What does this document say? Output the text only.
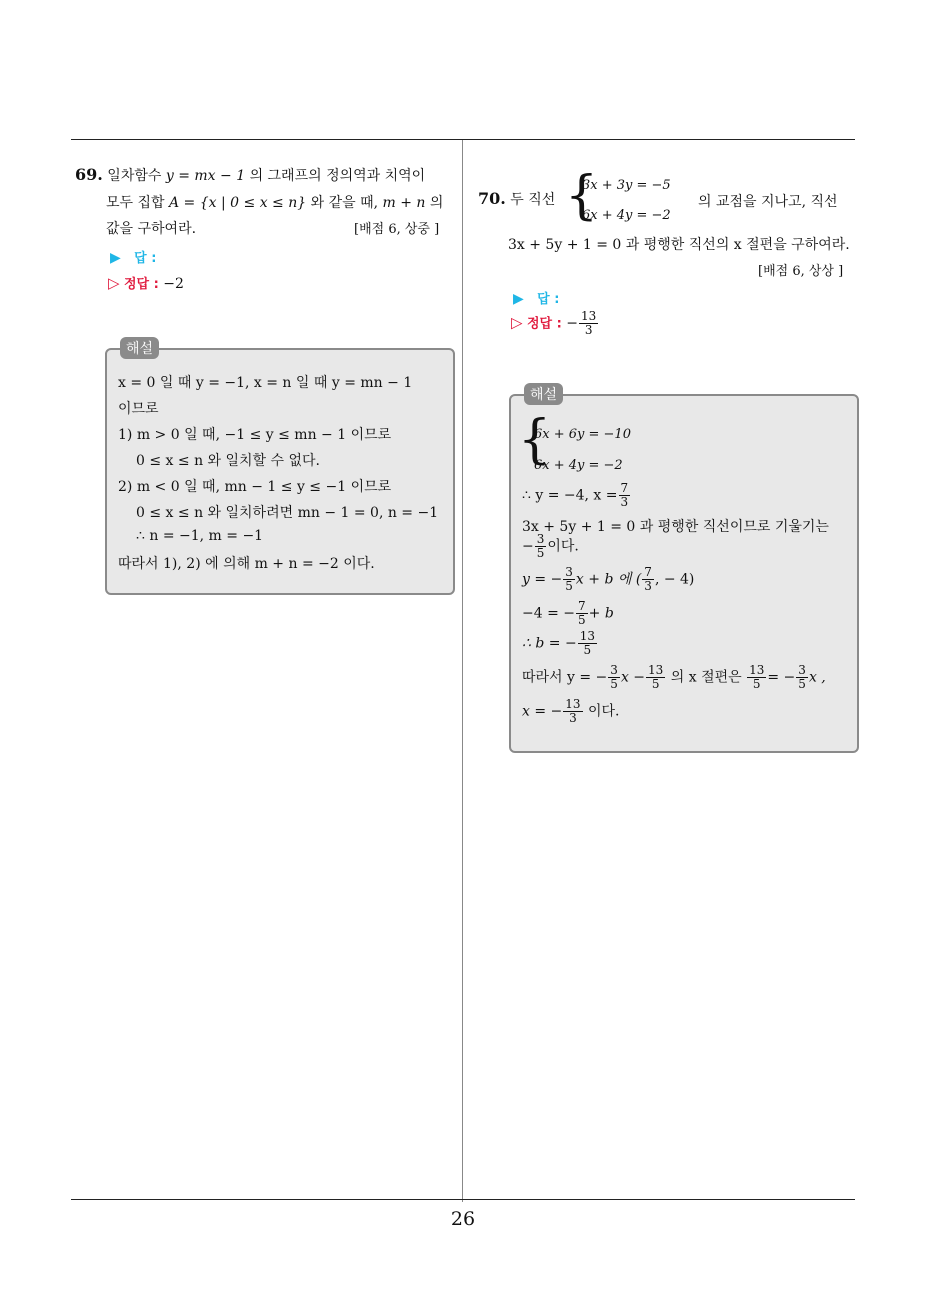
69. 일차함수 y = mx − 1 의 그래프의 정의역과 치역이
모두 집합 A = {x | 0 ≤ x ≤ n} 와 같을 때, m + n 의
값을 구하여라.	[배점 6, 상중 ]
▶ 답 :
▷ 정답 : −2
해설
x = 0 일 때 y = −1, x = n 일 때 y = mn − 1
이므로
1) m > 0 일 때, −1 ≤ y ≤ mn − 1 이므로
0 ≤ x ≤ n 와 일치할 수 없다.
2) m < 0 일 때, mn − 1 ≤ y ≤ −1 이므로
0 ≤ x ≤ n 와 일치하려면 mn − 1 = 0, n = −1
∴ n = −1, m = −1
따라서 1), 2) 에 의해 m + n = −2 이다.
70. 두 직선 {
3x + 3y = −5
6x + 4y = −2
의 교점을 지나고, 직선
3x + 5y + 1 = 0 과 평행한 직선의 x 절편을 구하여라.
[배점 6, 상상 ]
▶ 답 :
▷ 정답 : − $\frac{13}{3}$
해설
{
6x + 6y = −10
6x + 4y = −2
∴ y = −4, $x = \frac{7}{3}$
3x + 5y + 1 = 0 과 평행한 직선이므로 기울기는
− $\frac{3}{5}$ 이다.
y = − $\frac{3}{5}$ x + b 에 ( $\frac{7}{3}$ , − 4)
−4 = − $\frac{7}{5} + b$
∴ b = − $\frac{13}{5}$
따라서 y = − $\frac{3}{5}$ $x - \frac{13}{5}$ 의 x 절편은 $\frac{13}{5}$ = − $\frac{3}{5}$ x ,
x = − $\frac{13}{3}$ 이다.
26
